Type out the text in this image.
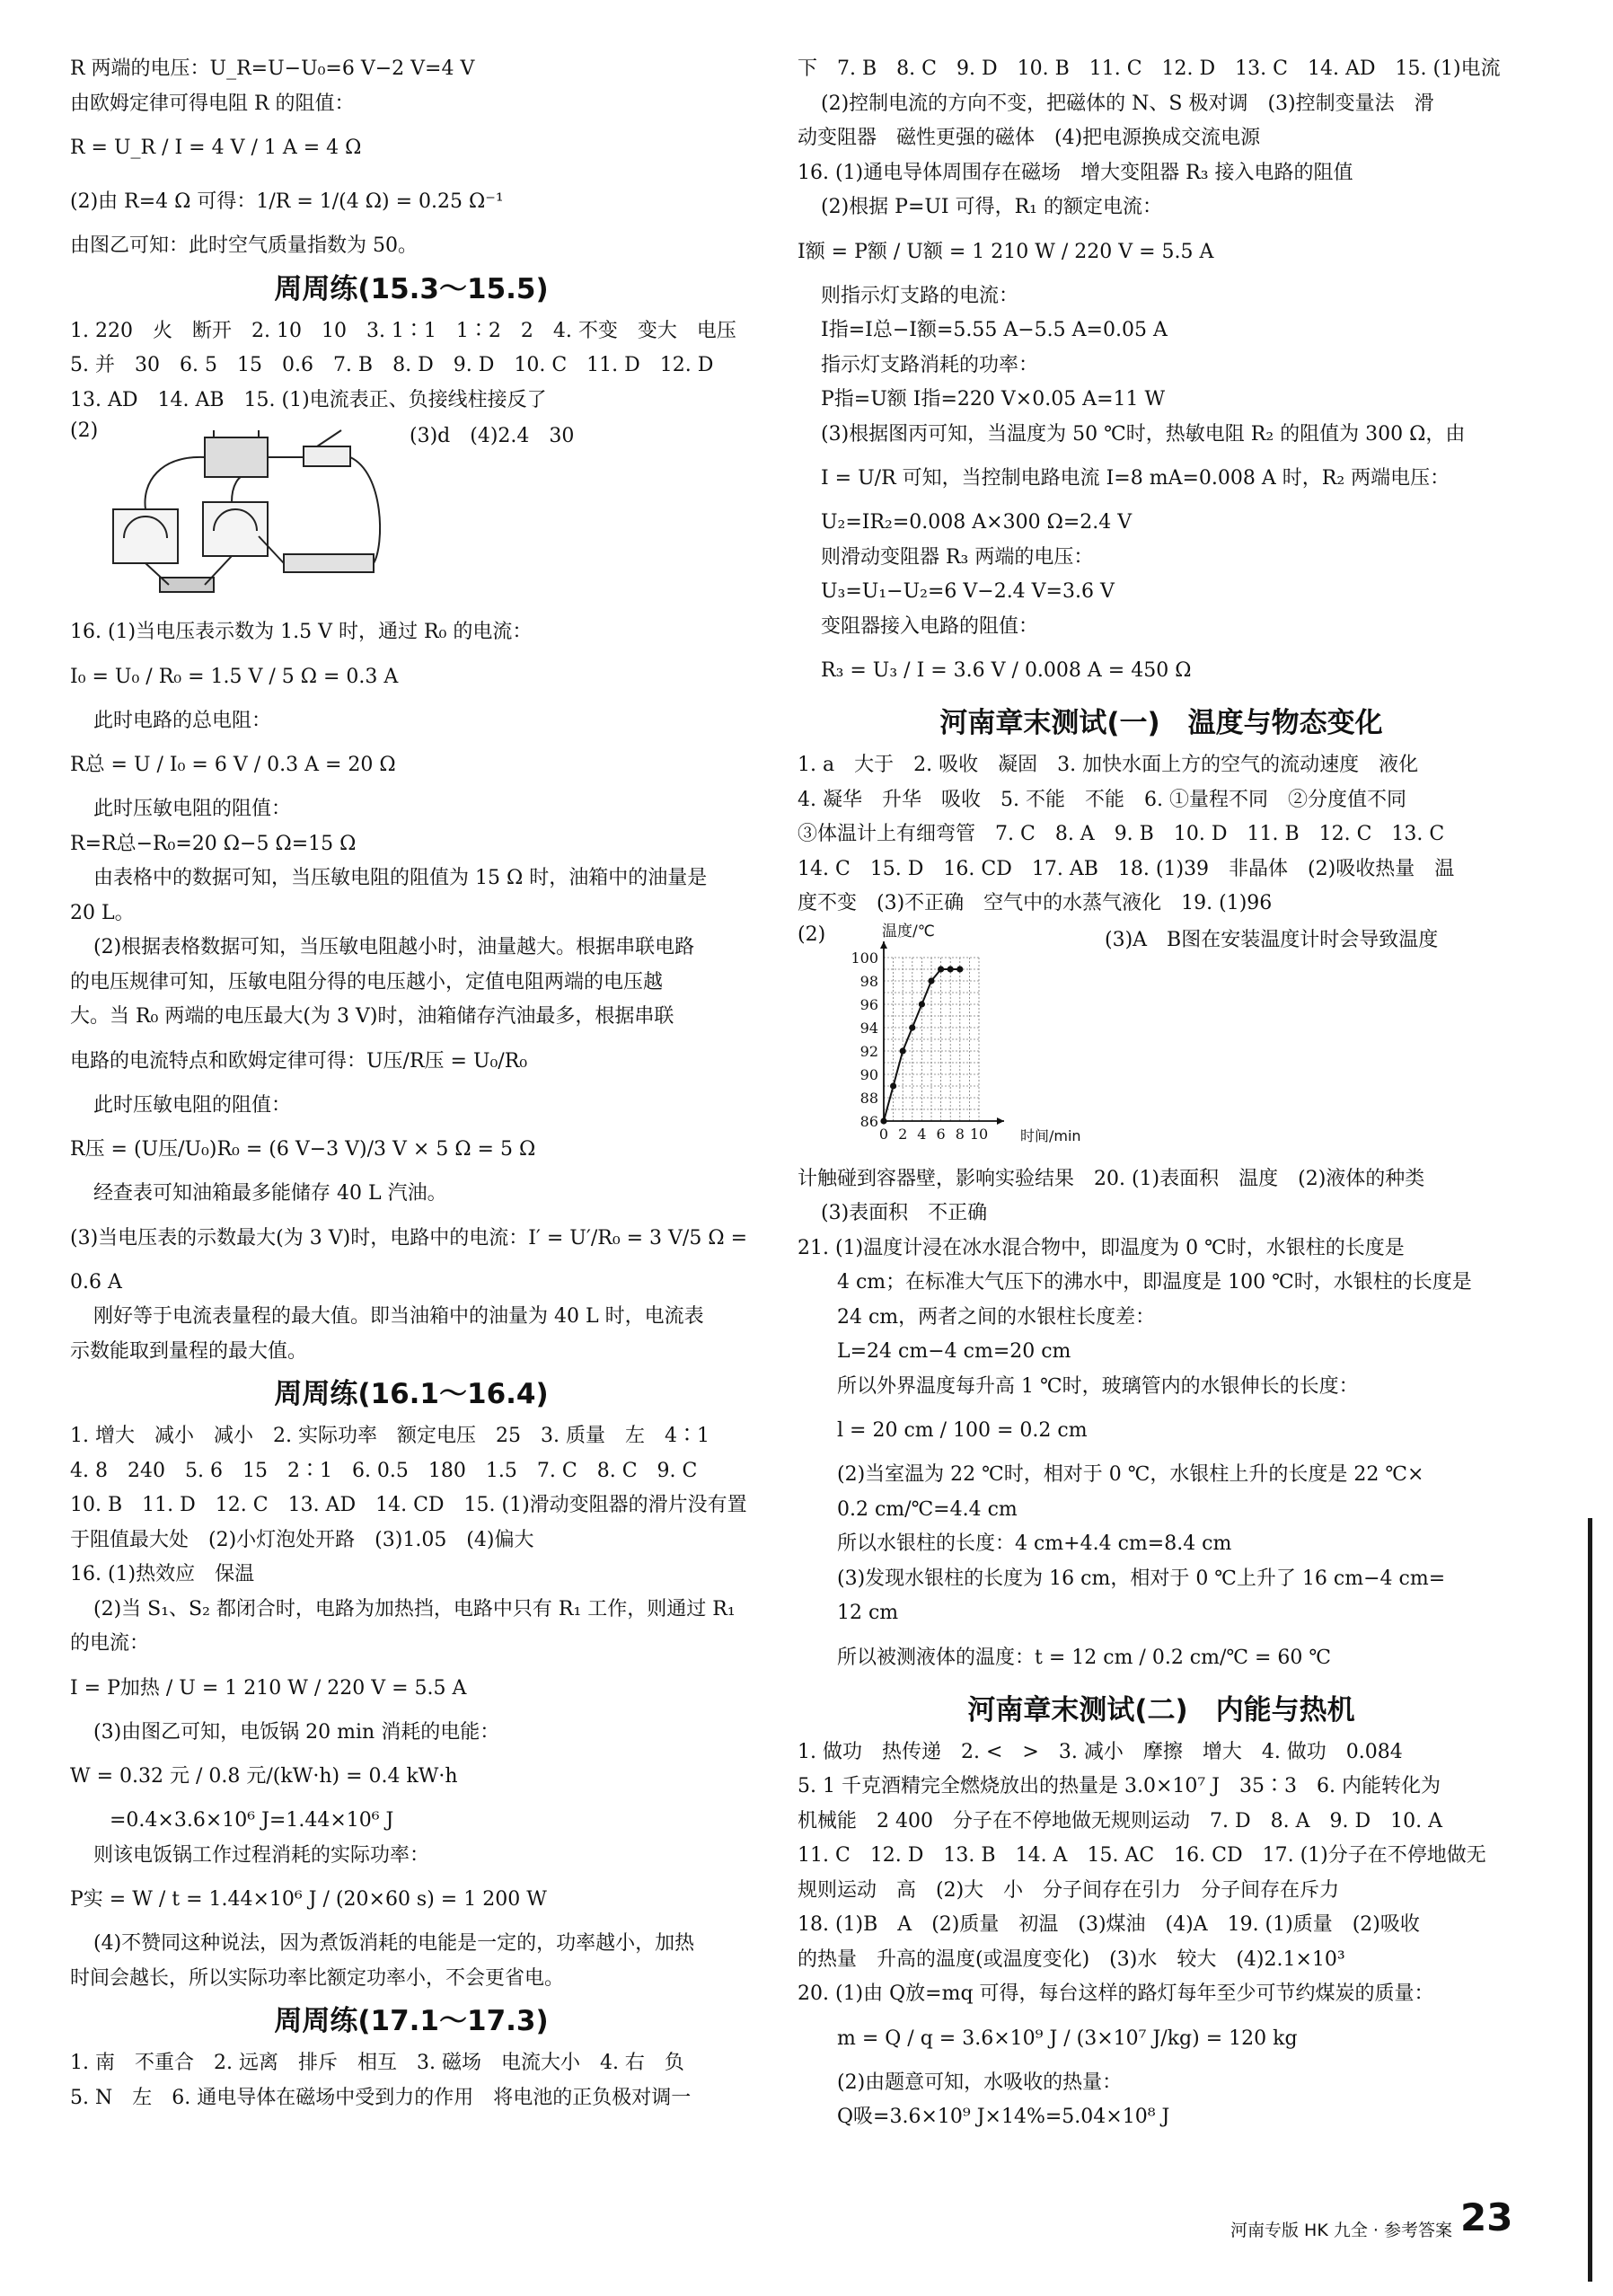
R 两端的电压：U_R=U−U₀=6 V−2 V=4 V

由欧姆定律可得电阻 R 的阻值：

R = U_R / I = 4 V / 1 A = 4 Ω

(2)由 R=4 Ω 可得：1/R = 1/(4 Ω) = 0.25 Ω⁻¹

由图乙可知：此时空气质量指数为 50。

周周练(15.3～15.5)

1. 220　火　断开　2. 10　10　3. 1∶1　1∶2　2　4. 不变　变大　电压

5. 并　30　6. 5　15　0.6　7. B　8. D　9. D　10. C　11. D　12. D

13. AD　14. AB　15. (1)电流表正、负接线柱接反了

(2)	(3)d　(4)2.4　30

16. (1)当电压表示数为 1.5 V 时，通过 R₀ 的电流：

I₀ = U₀ / R₀ = 1.5 V / 5 Ω = 0.3 A

此时电路的总电阻：

R总 = U / I₀ = 6 V / 0.3 A = 20 Ω

此时压敏电阻的阻值：

R=R总−R₀=20 Ω−5 Ω=15 Ω

由表格中的数据可知，当压敏电阻的阻值为 15 Ω 时，油箱中的油量是

20 L。

(2)根据表格数据可知，当压敏电阻越小时，油量越大。根据串联电路

的电压规律可知，压敏电阻分得的电压越小，定值电阻两端的电压越

大。当 R₀ 两端的电压最大(为 3 V)时，油箱储存汽油最多，根据串联

电路的电流特点和欧姆定律可得：U压/R压 = U₀/R₀

此时压敏电阻的阻值：

R压 = (U压/U₀)R₀ = (6 V−3 V)/3 V × 5 Ω = 5 Ω

经查表可知油箱最多能储存 40 L 汽油。

(3)当电压表的示数最大(为 3 V)时，电路中的电流：I′ = U′/R₀ = 3 V/5 Ω =

0.6 A

刚好等于电流表量程的最大值。即当油箱中的油量为 40 L 时，电流表

示数能取到量程的最大值。

周周练(16.1～16.4)

1. 增大　减小　减小　2. 实际功率　额定电压　25　3. 质量　左　4∶1

4. 8　240　5. 6　15　2∶1　6. 0.5　180　1.5　7. C　8. C　9. C

10. B　11. D　12. C　13. AD　14. CD　15. (1)滑动变阻器的滑片没有置

于阻值最大处　(2)小灯泡处开路　(3)1.05　(4)偏大

16. (1)热效应　保温

(2)当 S₁、S₂ 都闭合时，电路为加热挡，电路中只有 R₁ 工作，则通过 R₁

的电流：

I = P加热 / U = 1 210 W / 220 V = 5.5 A

(3)由图乙可知，电饭锅 20 min 消耗的电能：

W = 0.32 元 / 0.8 元/(kW·h) = 0.4 kW·h

=0.4×3.6×10⁶ J=1.44×10⁶ J

则该电饭锅工作过程消耗的实际功率：

P实 = W / t = 1.44×10⁶ J / (20×60 s) = 1 200 W

(4)不赞同这种说法，因为煮饭消耗的电能是一定的，功率越小，加热

时间会越长，所以实际功率比额定功率小，不会更省电。

周周练(17.1～17.3)

1. 南　不重合　2. 远离　排斥　相互　3. 磁场　电流大小　4. 右　负

5. N　左　6. 通电导体在磁场中受到力的作用　将电池的正负极对调一

下　7. B　8. C　9. D　10. B　11. C　12. D　13. C　14. AD　15. (1)电流

(2)控制电流的方向不变，把磁体的 N、S 极对调　(3)控制变量法　滑

动变阻器　磁性更强的磁体　(4)把电源换成交流电源

16. (1)通电导体周围存在磁场　增大变阻器 R₃ 接入电路的阻值

(2)根据 P=UI 可得，R₁ 的额定电流：

I额 = P额 / U额 = 1 210 W / 220 V = 5.5 A

则指示灯支路的电流：

I指=I总−I额=5.55 A−5.5 A=0.05 A

指示灯支路消耗的功率：

P指=U额 I指=220 V×0.05 A=11 W

(3)根据图丙可知，当温度为 50 ℃时，热敏电阻 R₂ 的阻值为 300 Ω，由

I = U/R 可知，当控制电路电流 I=8 mA=0.008 A 时，R₂ 两端电压：

U₂=IR₂=0.008 A×300 Ω=2.4 V

则滑动变阻器 R₃ 两端的电压：

U₃=U₁−U₂=6 V−2.4 V=3.6 V

变阻器接入电路的阻值：

R₃ = U₃ / I = 3.6 V / 0.008 A = 450 Ω

河南章末测试(一)　温度与物态变化

1. a　大于　2. 吸收　凝固　3. 加快水面上方的空气的流动速度　液化

4. 凝华　升华　吸收　5. 不能　不能　6. ①量程不同　②分度值不同

③体温计上有细弯管　7. C　8. A　9. B　10. D　11. B　12. C　13. C

14. C　15. D　16. CD　17. AB　18. (1)39　非晶体　(2)吸收热量　温

度不变　(3)不正确　空气中的水蒸气液化　19. (1)96

(2)	温度/℃
时间/min
86
88
90
92
94
96
98
100
0 2 4 6 8 10
(3)A　B图在安装温度计时会导致温度

计触碰到容器壁，影响实验结果　20. (1)表面积　温度　(2)液体的种类

(3)表面积　不正确

21. (1)温度计浸在冰水混合物中，即温度为 0 ℃时，水银柱的长度是

4 cm；在标准大气压下的沸水中，即温度是 100 ℃时，水银柱的长度是

24 cm，两者之间的水银柱长度差：

L=24 cm−4 cm=20 cm

所以外界温度每升高 1 ℃时，玻璃管内的水银伸长的长度：

l = 20 cm / 100 = 0.2 cm

(2)当室温为 22 ℃时，相对于 0 ℃，水银柱上升的长度是 22 ℃×

0.2 cm/℃=4.4 cm

所以水银柱的长度：4 cm+4.4 cm=8.4 cm

(3)发现水银柱的长度为 16 cm，相对于 0 ℃上升了 16 cm−4 cm=

12 cm

所以被测液体的温度：t = 12 cm / 0.2 cm/℃ = 60 ℃

河南章末测试(二)　内能与热机

1. 做功　热传递　2. <　>　3. 减小　摩擦　增大　4. 做功　0.084

5. 1 千克酒精完全燃烧放出的热量是 3.0×10⁷ J　35∶3　6. 内能转化为

机械能　2 400　分子在不停地做无规则运动　7. D　8. A　9. D　10. A

11. C　12. D　13. B　14. A　15. AC　16. CD　17. (1)分子在不停地做无

规则运动　高　(2)大　小　分子间存在引力　分子间存在斥力

18. (1)B　A　(2)质量　初温　(3)煤油　(4)A　19. (1)质量　(2)吸收

的热量　升高的温度(或温度变化)　(3)水　较大　(4)2.1×10³

20. (1)由 Q放=mq 可得，每台这样的路灯每年至少可节约煤炭的质量：

m = Q / q = 3.6×10⁹ J / (3×10⁷ J/kg) = 120 kg

(2)由题意可知，水吸收的热量：

Q吸=3.6×10⁹ J×14%=5.04×10⁸ J

河南专版 HK 九全 · 参考答案 23
